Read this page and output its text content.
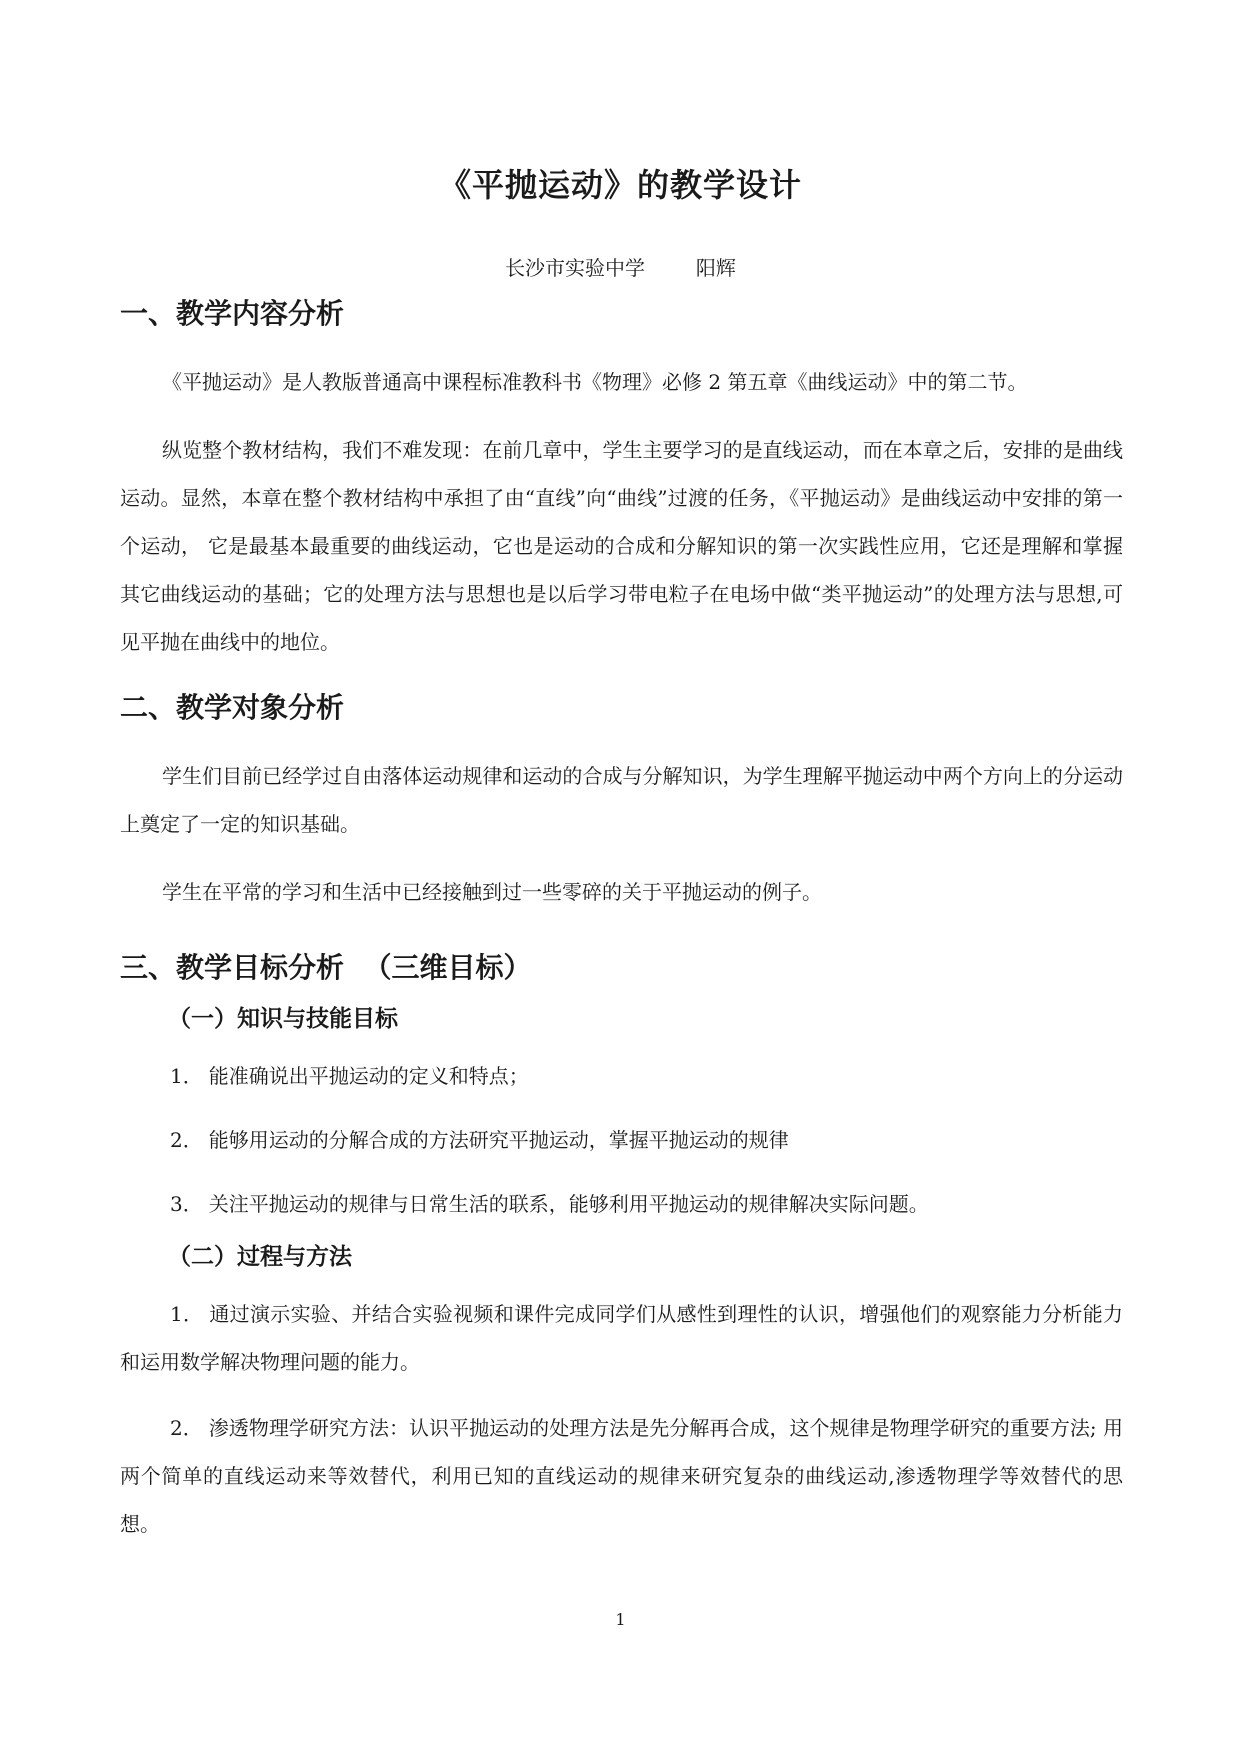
《平抛运动》的教学设计

长沙市实验中学        阳辉

一、教学内容分析

《平抛运动》是人教版普通高中课程标准教科书《物理》必修 2 第五章《曲线运动》中的第二节。

纵览整个教材结构，我们不难发现：在前几章中，学生主要学习的是直线运动，而在本章之后，安排的是曲线运动。显然，本章在整个教材结构中承担了由“直线”向“曲线”过渡的任务，《平抛运动》是曲线运动中安排的第一个运动， 它是最基本最重要的曲线运动，它也是运动的合成和分解知识的第一次实践性应用，它还是理解和掌握其它曲线运动的基础；它的处理方法与思想也是以后学习带电粒子在电场中做“类平抛运动”的处理方法与思想,可见平抛在曲线中的地位。

二、教学对象分析

学生们目前已经学过自由落体运动规律和运动的合成与分解知识，为学生理解平抛运动中两个方向上的分运动上奠定了一定的知识基础。

学生在平常的学习和生活中已经接触到过一些零碎的关于平抛运动的例子。

三、教学目标分析  （三维目标）
（一）知识与技能目标

1． 能准确说出平抛运动的定义和特点；

2． 能够用运动的分解合成的方法研究平抛运动，掌握平抛运动的规律

3． 关注平抛运动的规律与日常生活的联系，能够利用平抛运动的规律解决实际问题。

（二）过程与方法

1． 通过演示实验、并结合实验视频和课件完成同学们从感性到理性的认识，增强他们的观察能力分析能力和运用数学解决物理问题的能力。

2． 渗透物理学研究方法：认识平抛运动的处理方法是先分解再合成，这个规律是物理学研究的重要方法; 用两个简单的直线运动来等效替代，利用已知的直线运动的规律来研究复杂的曲线运动,渗透物理学等效替代的思想。

1
